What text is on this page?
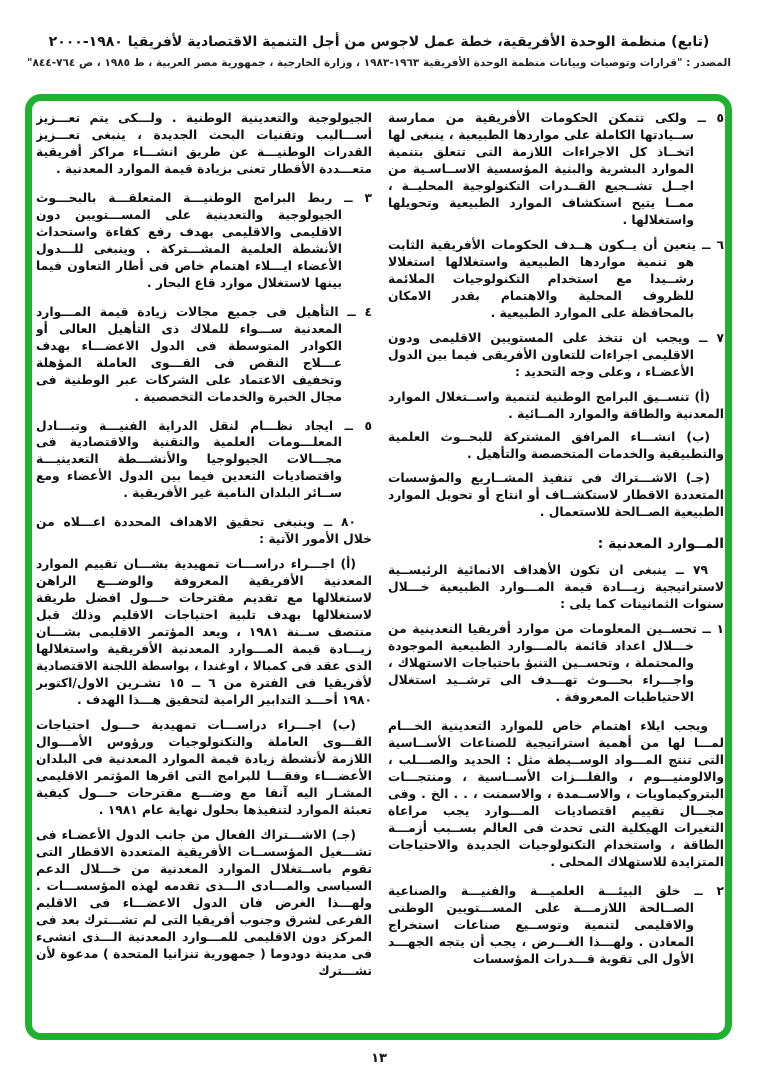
(تابع) منظمة الوحدة الأفريقية، خطة عمل لاجوس من أجل التنمية الاقتصادية لأفريقيا ١٩٨٠-٢٠٠٠
المصدر : "قرارات وتوصيات وبيانات منظمة الوحدة الأفريقية ١٩٦٣-١٩٨٣ ، وزارة الخارجية ، جمهورية مصر العربية ، ط ١٩٨٥ ، ص ٧٦٤-٨٤٤"

٥ ــ ولكى تتمكن الحكومات الأفريقية من ممارسة ســيادتها الكاملة على مواردها الطبيعية ، ينبغى لها اتخــاذ كل الاجراءات اللازمة التى تتعلق بتنمية الموارد البشرية والبنية المؤسسية الاســاسـية من اجــل تشــجيع القــدرات التكنولوجية المحليــة ، ممــا يتيح استكشاف الموارد الطبيعية وتحويلها واستغلالها .

٦ ــ يتعين أن يــكون هــدف الحكومات الأفريقية الثابت هو تنمية مواردها الطبيعية واستغلالها استغلالا رشــيدا مع استخدام التكنولوجيات الملائمة للظروف المحلية والاهتمام بقدر الامكان بالمحافظة على الموارد الطبيعية .

٧ ــ ويجب ان تتخذ على المستويين الاقليمى ودون الاقليمى اجراءات للتعاون الأفريقى فيما بين الدول الأعضـاء ، وعلى وجه التحديد :

(أ) تنســيق البرامج الوطنية لتنمية واســتغلال الموارد المعدنية والطاقة والموارد المــائية .

(ب) انشـــاء المرافق المشتركة للبحــوث العلمية والتطبيقية والخدمات المتخصصة والتأهيل .

(جـ) الاشـــتراك فى تنفيذ المشــاريع والمؤسسات المتعددة الاقطار لاستكشــاف أو انتاج أو تحويل الموارد الطبيعية الصــالحة للاستعمال .

المــوارد المعدنية :

٧٩ ــ ينبغى ان تكون الأهداف الانمائية الرئيســية لاستراتيجية زيـــادة قيمة المـــوارد الطبيعية خـــلال سنوات الثمانينات كما يلى :

١ ــ تحســين المعلومات من موارد أفريقيا التعدينية من خـــلال اعداد قائمة بالمـــوارد الطبيعية الموجودة والمحتملة ، وتحســين التنبؤ باحتياجات الاستهلاك ، واجـــراء بحـــوث تهـــدف الى ترشــيد استغلال الاحتياطيات المعروفة .

ويجب ايلاء اهتمام خاص للموارد التعدينية الخـــام لمـــا لها من أهمية استراتيجية للصناعات الأســاسية التى تنتج المـــواد الوســيطة مثل : الحديد والصـــلب ، والالومنيـــوم ، والفلـــزات الأســاسية ، ومنتجـــات البتروكيماويات ، والاســمدة ، والاسمنت ، . . الخ . وفى مجـــال تقييم اقتصاديات المـــوارد يجب مراعاة التغيرات الهيكلية التى تحدث فى العالم بســبب أزمـــة الطاقة ، واستخدام التكنولوجيات الجديدة والاحتياجات المتزايدة للاستهلاك المحلى .

٢ ــ خلق البيئـــة العلميـــة والفنيـــة والصناعية الصــالحة اللازمـــة على المســـتويين الوطنى والاقليمى لتنمية وتوســيع صناعات استخراج المعادن . ولهـــذا الغـــرض ، يجب أن يتجه الجهـــد الأول الى تقوية قـــدرات المؤسسات

الجيولوجية والتعدينية الوطنية . ولـــكى يتم تعـــزيز أســـاليب وتقنيات البحث الجديدة ، ينبغى تعـــزيز القدرات الوطنيـــة عن طريق انشـــاء مراكز أفريقية متعـــددة الأقطار تعنى بزيادة قيمة الموارد المعدنية .

٣ ــ ربط البرامج الوطنيـــة المتعلقـــة بالبحـــوث الجيولوجية والتعدينية على المســـتويين دون الاقليمى والاقليمى بهدف رفع كفاءة واستحداث الأنشطة العلمية المشـــتركة . وينبغى للـــدول الأعضاء ايـــلاء اهتمام خاص فى أطار التعاون فيما بينها لاستغلال موارد قاع البحار .

٤ ــ التأهيل فى جميع مجالات زيادة قيمة المـــوارد المعدنية ســـواء للملاك ذى التأهيل العالى أو الكوادر المتوسطة فى الدول الاعضـــاء بهدف عـــلاج النقص فى القـــوى العاملة المؤهلة وتخفيف الاعتماد على الشركات عبر الوطنية فى مجال الخبرة والخدمات التخصصية .

٥ ــ ايجاد نظـــام لنقل الدراية الفنيـــة وتبـــادل المعلـــومات العلمية والتقنية والاقتصادية فى مجـــالات الجيولوجيا والأنشـــطة التعدينيـــة واقتصاديات التعدين فيما بين الدول الأعضاء ومع ســائر البلدان النامية غير الأفريقية .

٨٠ ــ وينبغى تحقيق الاهداف المحددة اعـــلاه من خلال الأمور الآتية :

(أ) اجـــراء دراســـات تمهيدية بشـــان تقييم الموارد المعدنية الأفريقية المعروفة والوضـــع الراهن لاستغلالها مع تقديم مقترحات حـــول افضل طريقة لاستغلالها بهدف تلبية احتياجات الاقليم وذلك قبل منتصف ســنة ١٩٨١ ، ويعد المؤتمر الاقليمى بشـــان زيـــادة قيمة المـــوارد المعدنية الأفريقية واستغلالها الذى عقد فى كمبالا ، اوغندا ، بواسطة اللجنة الاقتصادية لأفريقيا فى الفترة من ٦ ــ ١٥ تشـرين الاول/اكتوبر ١٩٨٠ أحـــد التدابير الرامية لتحقيق هـــذا الهدف .

(ب) اجـــراء دراســـات تمهيدية حـــول احتياجات القـــوى العاملة والتكنولوجيات ورؤوس الأمـــوال اللازمة لأنشطة زيادة قيمة الموارد المعدنية فى البلدان الأعضـــاء وفقـــا للبرامج التى اقرها المؤتمر الاقليمى المشـار اليه آنفا مع وضـــع مقترحات حـــول كيفية تعبئة الموارد لتنفيذها بحلول نهاية عام ١٩٨١ .

(جـ) الاشـــتراك الفعال من جانب الدول الأعضـاء فى تشـــغيل المؤسســات الأفريقية المتعددة الاقطار التى تقوم باســتغلال الموارد المعدنية من خـــلال الدعم السياسى والمـــادى الـــذى تقدمه لهذه المؤسســـات . ولهـــذا الغرض فان الدول الاعضـــاء فى الاقليم الفرعى لشرق وجنوب أفريقيا التى لم تشـــترك بعد فى المركز دون الاقليمى للمـــوارد المعدنية الـــذى انشىء فى مدينة دودوما ( جمهورية تنزانيا المتحدة ) مدعوة لأن تشـــترك

١٣
